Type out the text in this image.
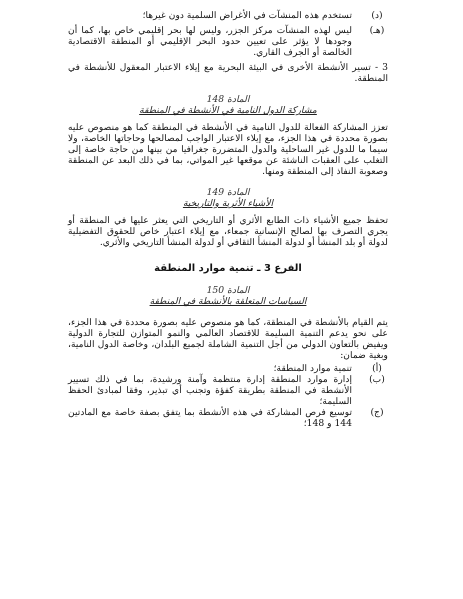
(د)
تستخدم هذه المنشآت في الأغراض السلمية دون غيرها؛
(هـ)
ليس لهذه المنشآت مركز الجزر، وليس لها بحر إقليمي خاص بها، كما أن وجودها لا يؤثر على تعيين حدود البحر الإقليمي أو المنطقة الاقتصادية الخالصة أو الجرف القاري.
3 - تسير الأنشطة الأخرى في البيئة البحرية مع إيلاء الاعتبار المعقول للأنشطة في المنطقة.
المادة 148
مشاركة الدول النامية في الأنشطة في المنطقة
تعزز المشاركة الفعالة للدول النامية في الأنشطة في المنطقة كما هو منصوص عليه بصورة محددة في هذا الجزء، مع إيلاء الاعتبار الواجب لمصالحها وحاجاتها الخاصة، ولا سيما ما للدول غير الساحلية والدول المتضررة جغرافيا من بينها من حاجة خاصة إلى التغلب على العقبات الناشئة عن موقعها غير المواتي، بما في ذلك البعد عن المنطقة وصعوبة النفاذ إلى المنطقة ومنها.
المادة 149
الأشياء الأثرية والتاريخية
تحفظ جميع الأشياء ذات الطابع الأثري أو التاريخي التي يعثر عليها في المنطقة أو يجري التصرف بها لصالح الإنسانية جمعاء، مع إيلاء اعتبار خاص للحقوق التفضيلية لدولة أو بلد المنشأ أو لدولة المنشأ الثقافي أو لدولة المنشأ التاريخي والأثري.
الفرع 3 ـ تنمية موارد المنطقة
المادة 150
السياسات المتعلقة بالأنشطة في المنطقة
يتم القيام بالأنشطة في المنطقة، كما هو منصوص عليه بصورة محددة في هذا الجزء، على نحو يدعم التنمية السليمة للاقتصاد العالمي والنمو المتوازن للتجارة الدولية ويفيض بالتعاون الدولي من أجل التنمية الشاملة لجميع البلدان، وخاصة الدول النامية، وبغية ضمان:
(أ)
تنمية موارد المنطقة؛
(ب)
إدارة موارد المنطقة إدارة منتظمة وآمنة ورشيدة، بما في ذلك تسيير الأنشطة في المنطقة بطريقة كفؤة وتجنب أي تبذير، وفقا لمبادئ الحفظ السليمة؛
(ج)
توسيع فرص المشاركة في هذه الأنشطة بما يتفق بصفة خاصة مع المادتين 144 و 148؛
